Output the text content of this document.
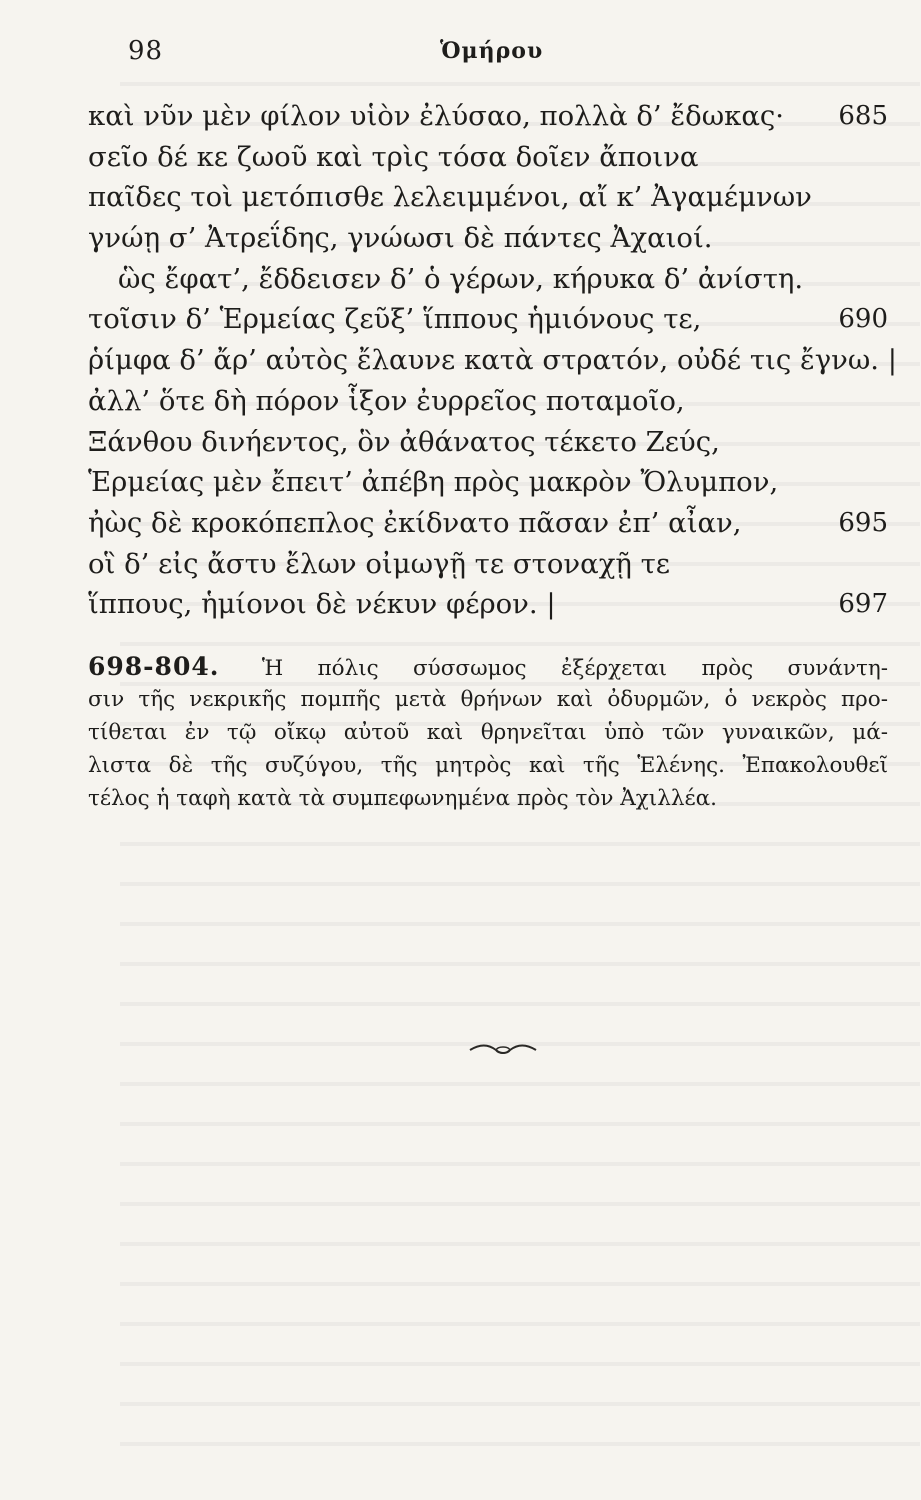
98	Ὁμήρου
καὶ νῦν μὲν φίλον υἱὸν ἐλύσαο, πολλὰ δ’ ἔδωκας· 685
σεῖο δέ κε ζωοῦ καὶ τρὶς τόσα δοῖεν ἄποινα
παῖδες τοὶ μετόπισθε λελειμμένοι, αἴ κ’ Ἀγαμέμνων
γνώῃ σ’ Ἀτρεΐδης, γνώωσι δὲ πάντες Ἀχαιοί.
ὣς ἔφατ’, ἔδδεισεν δ’ ὁ γέρων, κήρυκα δ’ ἀνίστη.
τοῖσιν δ’ Ἑρμείας ζεῦξ’ ἵππους ἡμιόνους τε,	690
ῥίμφα δ’ ἄρ’ αὐτὸς ἔλαυνε κατὰ στρατόν, οὐδέ τις ἔγνω. |
ἀλλ’ ὅτε δὴ πόρον ἷξον ἐυρρεῖος ποταμοῖο,
Ξάνθου δινήεντος, ὃν ἀθάνατος τέκετο Ζεύς,
Ἑρμείας μὲν ἔπειτ’ ἀπέβη πρὸς μακρὸν Ὄλυμπον,
ἠὼς δὲ κροκόπεπλος ἐκίδνατο πᾶσαν ἐπ’ αἶαν,	695
οἳ δ’ εἰς ἄστυ ἔλων οἰμωγῇ τε στοναχῇ τε
ἵππους, ἡμίονοι δὲ νέκυν φέρον. |	697
698-804. Ἡ πόλις σύσσωμος ἐξέρχεται πρὸς συνάντη-
σιν τῆς νεκρικῆς πομπῆς μετὰ θρήνων καὶ ὀδυρμῶν, ὁ νεκρὸς προ-
τίθεται ἐν τῷ οἴκῳ αὐτοῦ καὶ θρηνεῖται ὑπὸ τῶν γυναικῶν, μά-
λιστα δὲ τῆς συζύγου, τῆς μητρὸς καὶ τῆς Ἑλένης. Ἐπακολουθεῖ
τέλος ἡ ταφὴ κατὰ τὰ συμπεφωνημένα πρὸς τὸν Ἀχιλλέα.
